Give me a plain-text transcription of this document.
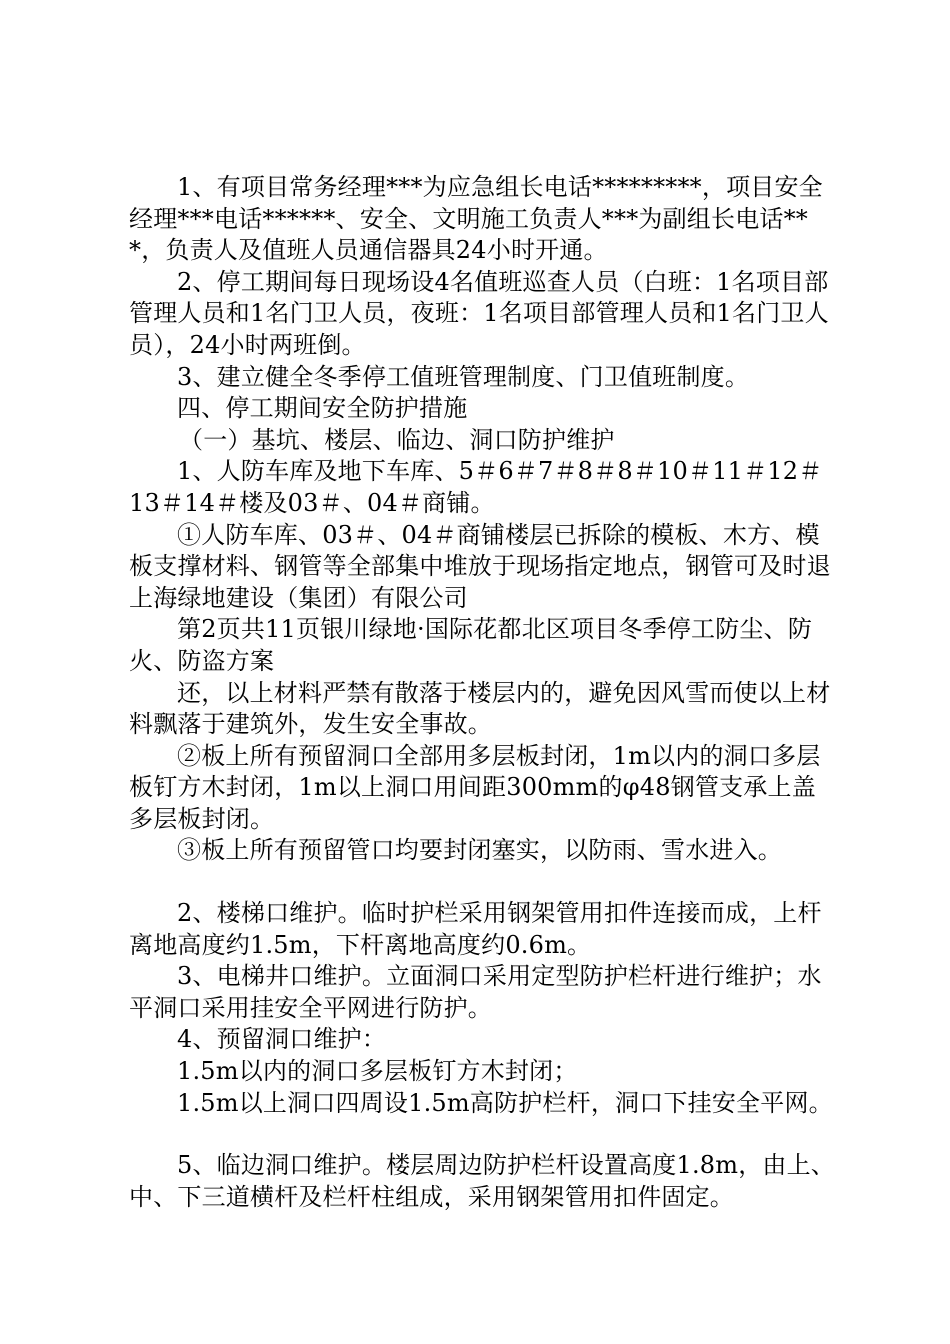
1、有项目常务经理***为应急组长电话*********，项目安全经理***电话******、安全、文明施工负责人***为副组长电话***，负责人及值班人员通信器具24小时开通。

2、停工期间每日现场设4名值班巡查人员（白班：1名项目部管理人员和1名门卫人员，夜班：1名项目部管理人员和1名门卫人员），24小时两班倒。

3、建立健全冬季停工值班管理制度、门卫值班制度。

四、停工期间安全防护措施

（一）基坑、楼层、临边、洞口防护维护

1、人防车库及地下车库、5＃6＃7＃8＃8＃10＃11＃12＃13＃14＃楼及03＃、04＃商铺。

①人防车库、03＃、04＃商铺楼层已拆除的模板、木方、模板支撑材料、钢管等全部集中堆放于现场指定地点，钢管可及时退上海绿地建设（集团）有限公司

第2页共11页银川绿地·国际花都北区项目冬季停工防尘、防火、防盗方案

还，以上材料严禁有散落于楼层内的，避免因风雪而使以上材料飘落于建筑外，发生安全事故。

②板上所有预留洞口全部用多层板封闭，1m以内的洞口多层板钉方木封闭，1m以上洞口用间距300mm的φ48钢管支承上盖多层板封闭。

③板上所有预留管口均要封闭塞实，以防雨、雪水进入。

2、楼梯口维护。临时护栏采用钢架管用扣件连接而成，上杆离地高度约1.5m，下杆离地高度约0.6m。

3、电梯井口维护。立面洞口采用定型防护栏杆进行维护；水平洞口采用挂安全平网进行防护。

4、预留洞口维护：

1.5m以内的洞口多层板钉方木封闭；

1.5m以上洞口四周设1.5m高防护栏杆，洞口下挂安全平网。

5、临边洞口维护。楼层周边防护栏杆设置高度1.8m，由上、中、下三道横杆及栏杆柱组成，采用钢架管用扣件固定。
